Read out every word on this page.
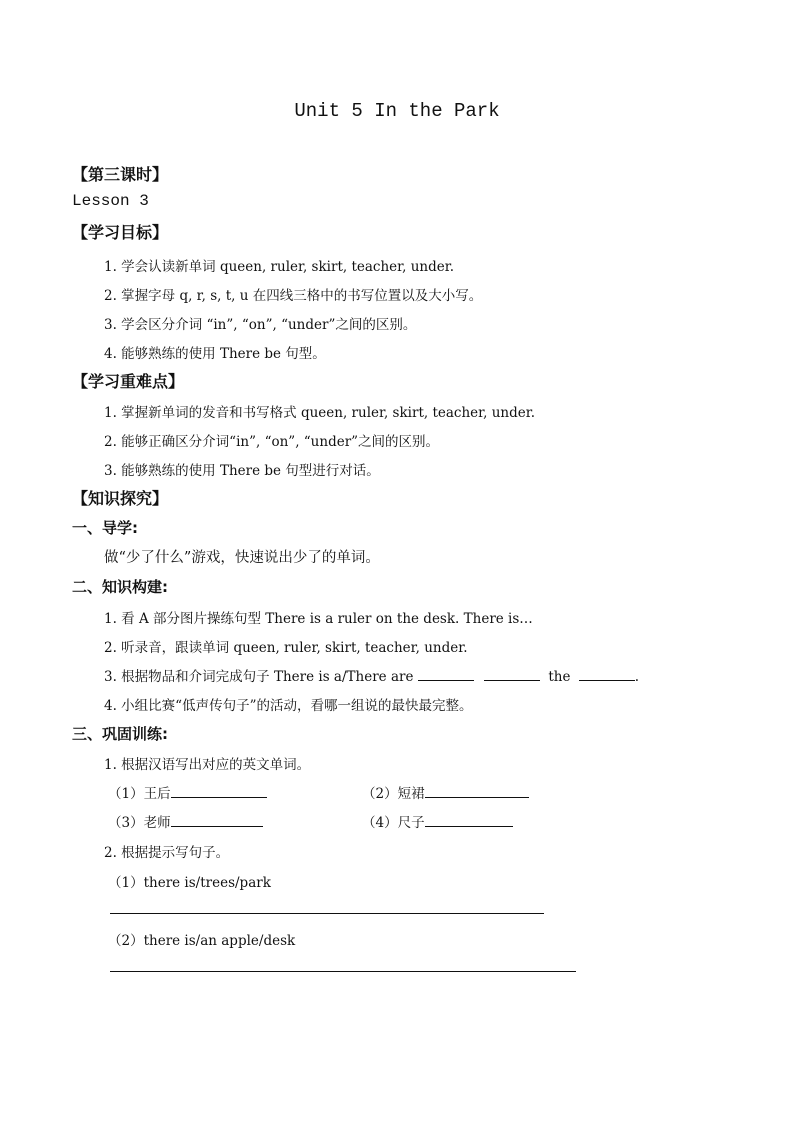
Unit 5 In the Park
【第三课时】
Lesson 3
【学习目标】
1. 学会认读新单词 queen, ruler, skirt, teacher, under.
2. 掌握字母 q, r, s, t, u 在四线三格中的书写位置以及大小写。
3. 学会区分介词 “in”, “on”, “under”之间的区别。
4. 能够熟练的使用 There be 句型。
【学习重难点】
1. 掌握新单词的发音和书写格式 queen, ruler, skirt, teacher, under.
2. 能够正确区分介词“in”, “on”, “under”之间的区别。
3. 能够熟练的使用 There be 句型进行对话。
【知识探究】
一、导学:
做“少了什么”游戏，快速说出少了的单词。
二、知识构建:
1. 看 A 部分图片操练句型 There is a ruler on the desk. There is…
2. 听录音，跟读单词 queen, ruler, skirt, teacher, under.
3. 根据物品和介词完成句子 There is a/There are	the	.
4. 小组比赛“低声传句子”的活动，看哪一组说的最快最完整。
三、巩固训练:
1. 根据汉语写出对应的英文单词。
（1）王后	（2）短裙
（3）老师	（4）尺子
2. 根据提示写句子。
（1）there is/trees/park
（2）there is/an apple/desk
